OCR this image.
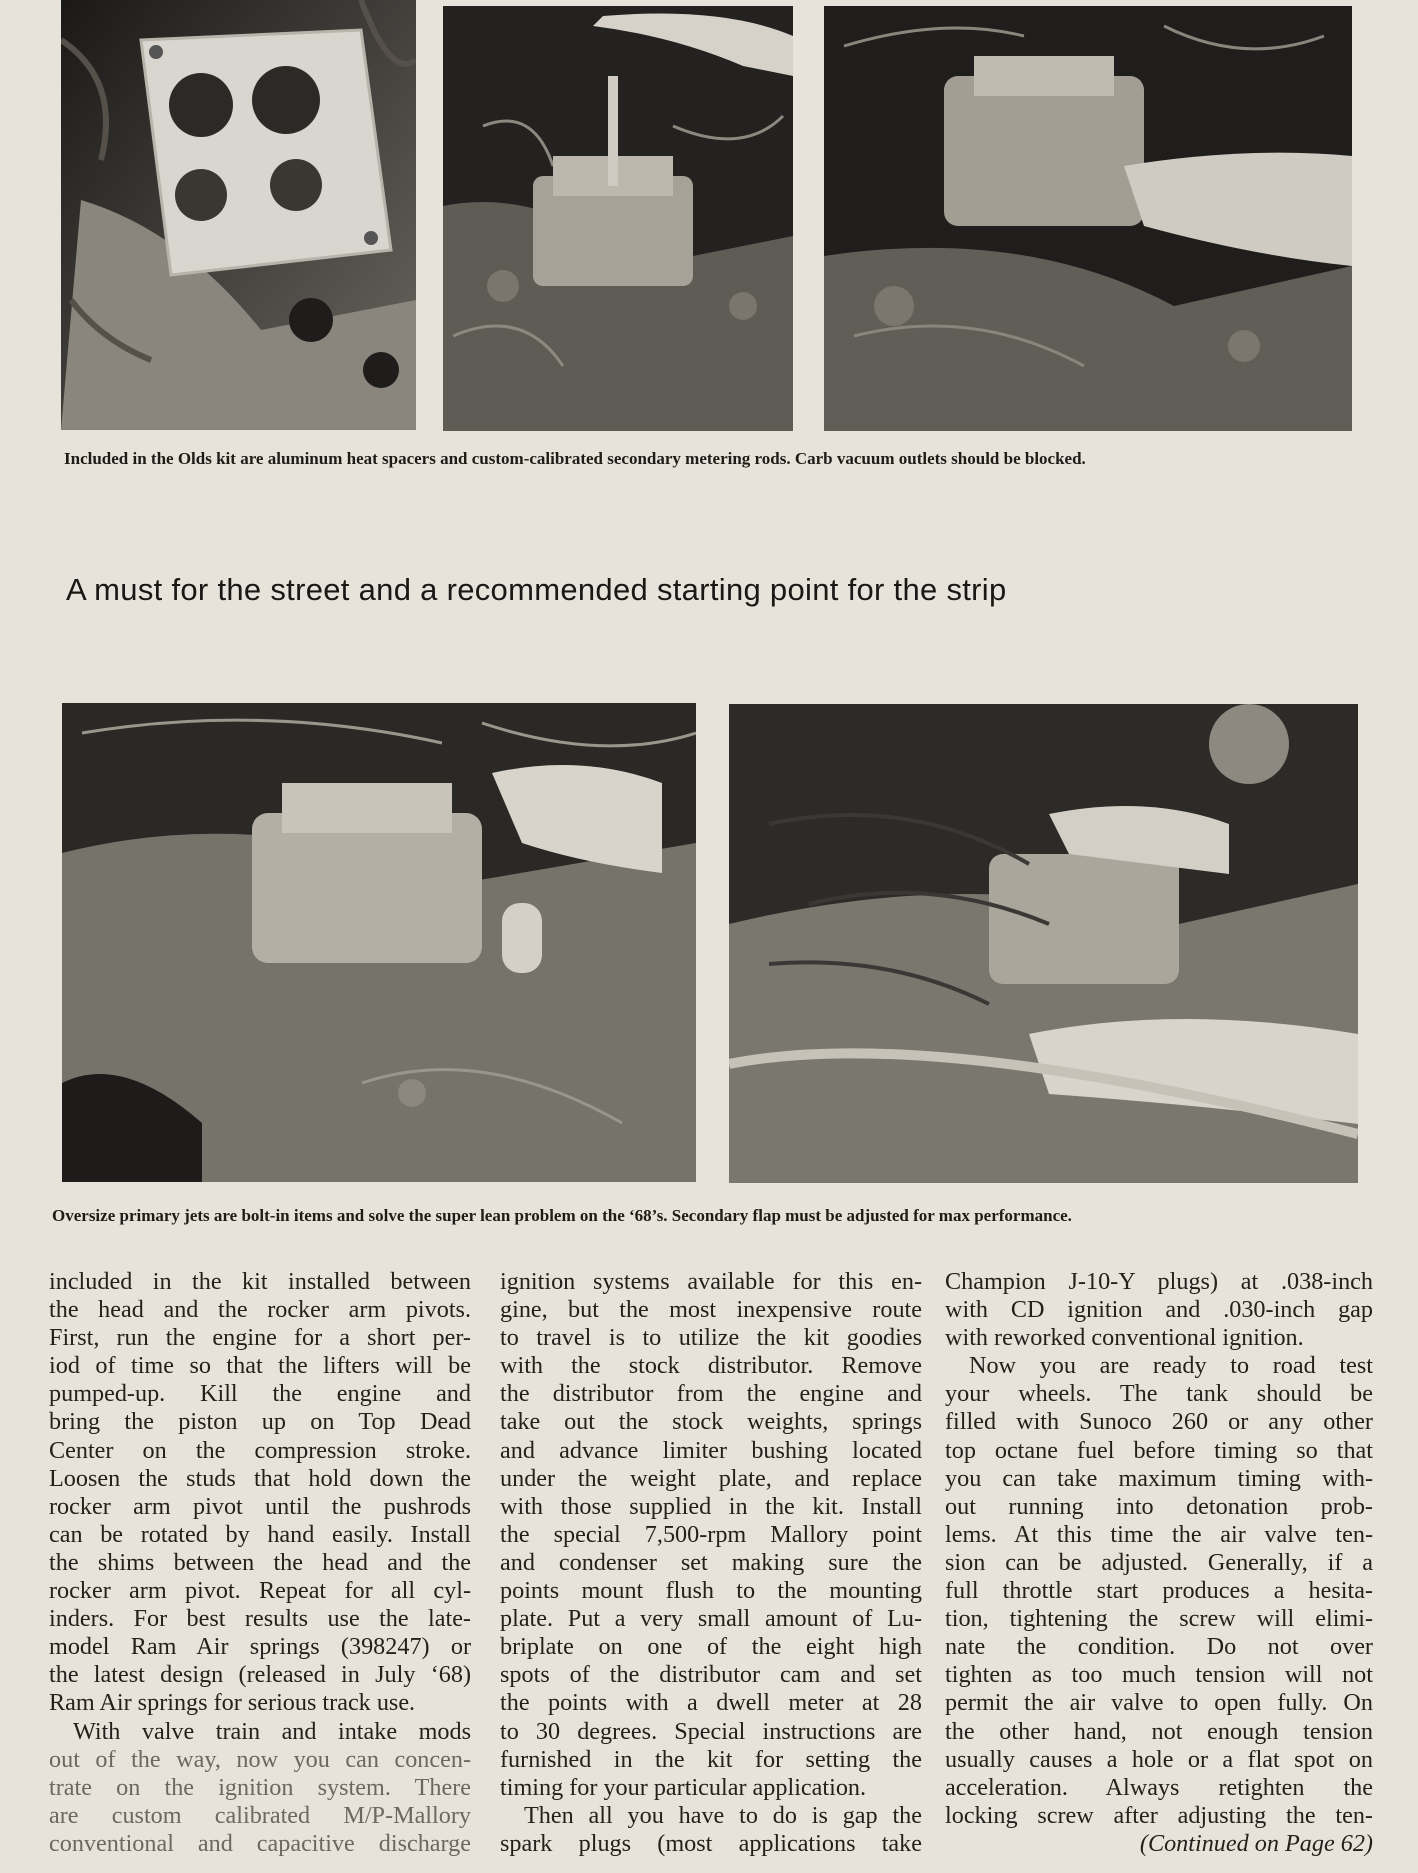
Included in the Olds kit are aluminum heat spacers and custom-calibrated secondary metering rods. Carb vacuum outlets should be blocked.
A must for the street and a recommended starting point for the strip
Oversize primary jets are bolt-in items and solve the super lean problem on the ‘68’s. Secondary flap must be adjusted for max performance.
included in the kit installed between
the head and the rocker arm pivots.
First, run the engine for a short per-
iod of time so that the lifters will be
pumped-up. Kill the engine and
bring the piston up on Top Dead
Center on the compression stroke.
Loosen the studs that hold down the
rocker arm pivot until the pushrods
can be rotated by hand easily. Install
the shims between the head and the
rocker arm pivot. Repeat for all cyl-
inders. For best results use the late-
model Ram Air springs (398247) or
the latest design (released in July ‘68)
Ram Air springs for serious track use.
With valve train and intake mods
out of the way, now you can concen-
trate on the ignition system. There
are custom calibrated M/P-Mallory
conventional and capacitive discharge
ignition systems available for this en-
gine, but the most inexpensive route
to travel is to utilize the kit goodies
with the stock distributor. Remove
the distributor from the engine and
take out the stock weights, springs
and advance limiter bushing located
under the weight plate, and replace
with those supplied in the kit. Install
the special 7,500-rpm Mallory point
and condenser set making sure the
points mount flush to the mounting
plate. Put a very small amount of Lu-
briplate on one of the eight high
spots of the distributor cam and set
the points with a dwell meter at 28
to 30 degrees. Special instructions are
furnished in the kit for setting the
timing for your particular application.
Then all you have to do is gap the
spark plugs (most applications take
Champion J-10-Y plugs) at .038-inch
with CD ignition and .030-inch gap
with reworked conventional ignition.
Now you are ready to road test
your wheels. The tank should be
filled with Sunoco 260 or any other
top octane fuel before timing so that
you can take maximum timing with-
out running into detonation prob-
lems. At this time the air valve ten-
sion can be adjusted. Generally, if a
full throttle start produces a hesita-
tion, tightening the screw will elimi-
nate the condition. Do not over
tighten as too much tension will not
permit the air valve to open fully. On
the other hand, not enough tension
usually causes a hole or a flat spot on
acceleration. Always retighten the
locking screw after adjusting the ten-
(Continued on Page 62)
